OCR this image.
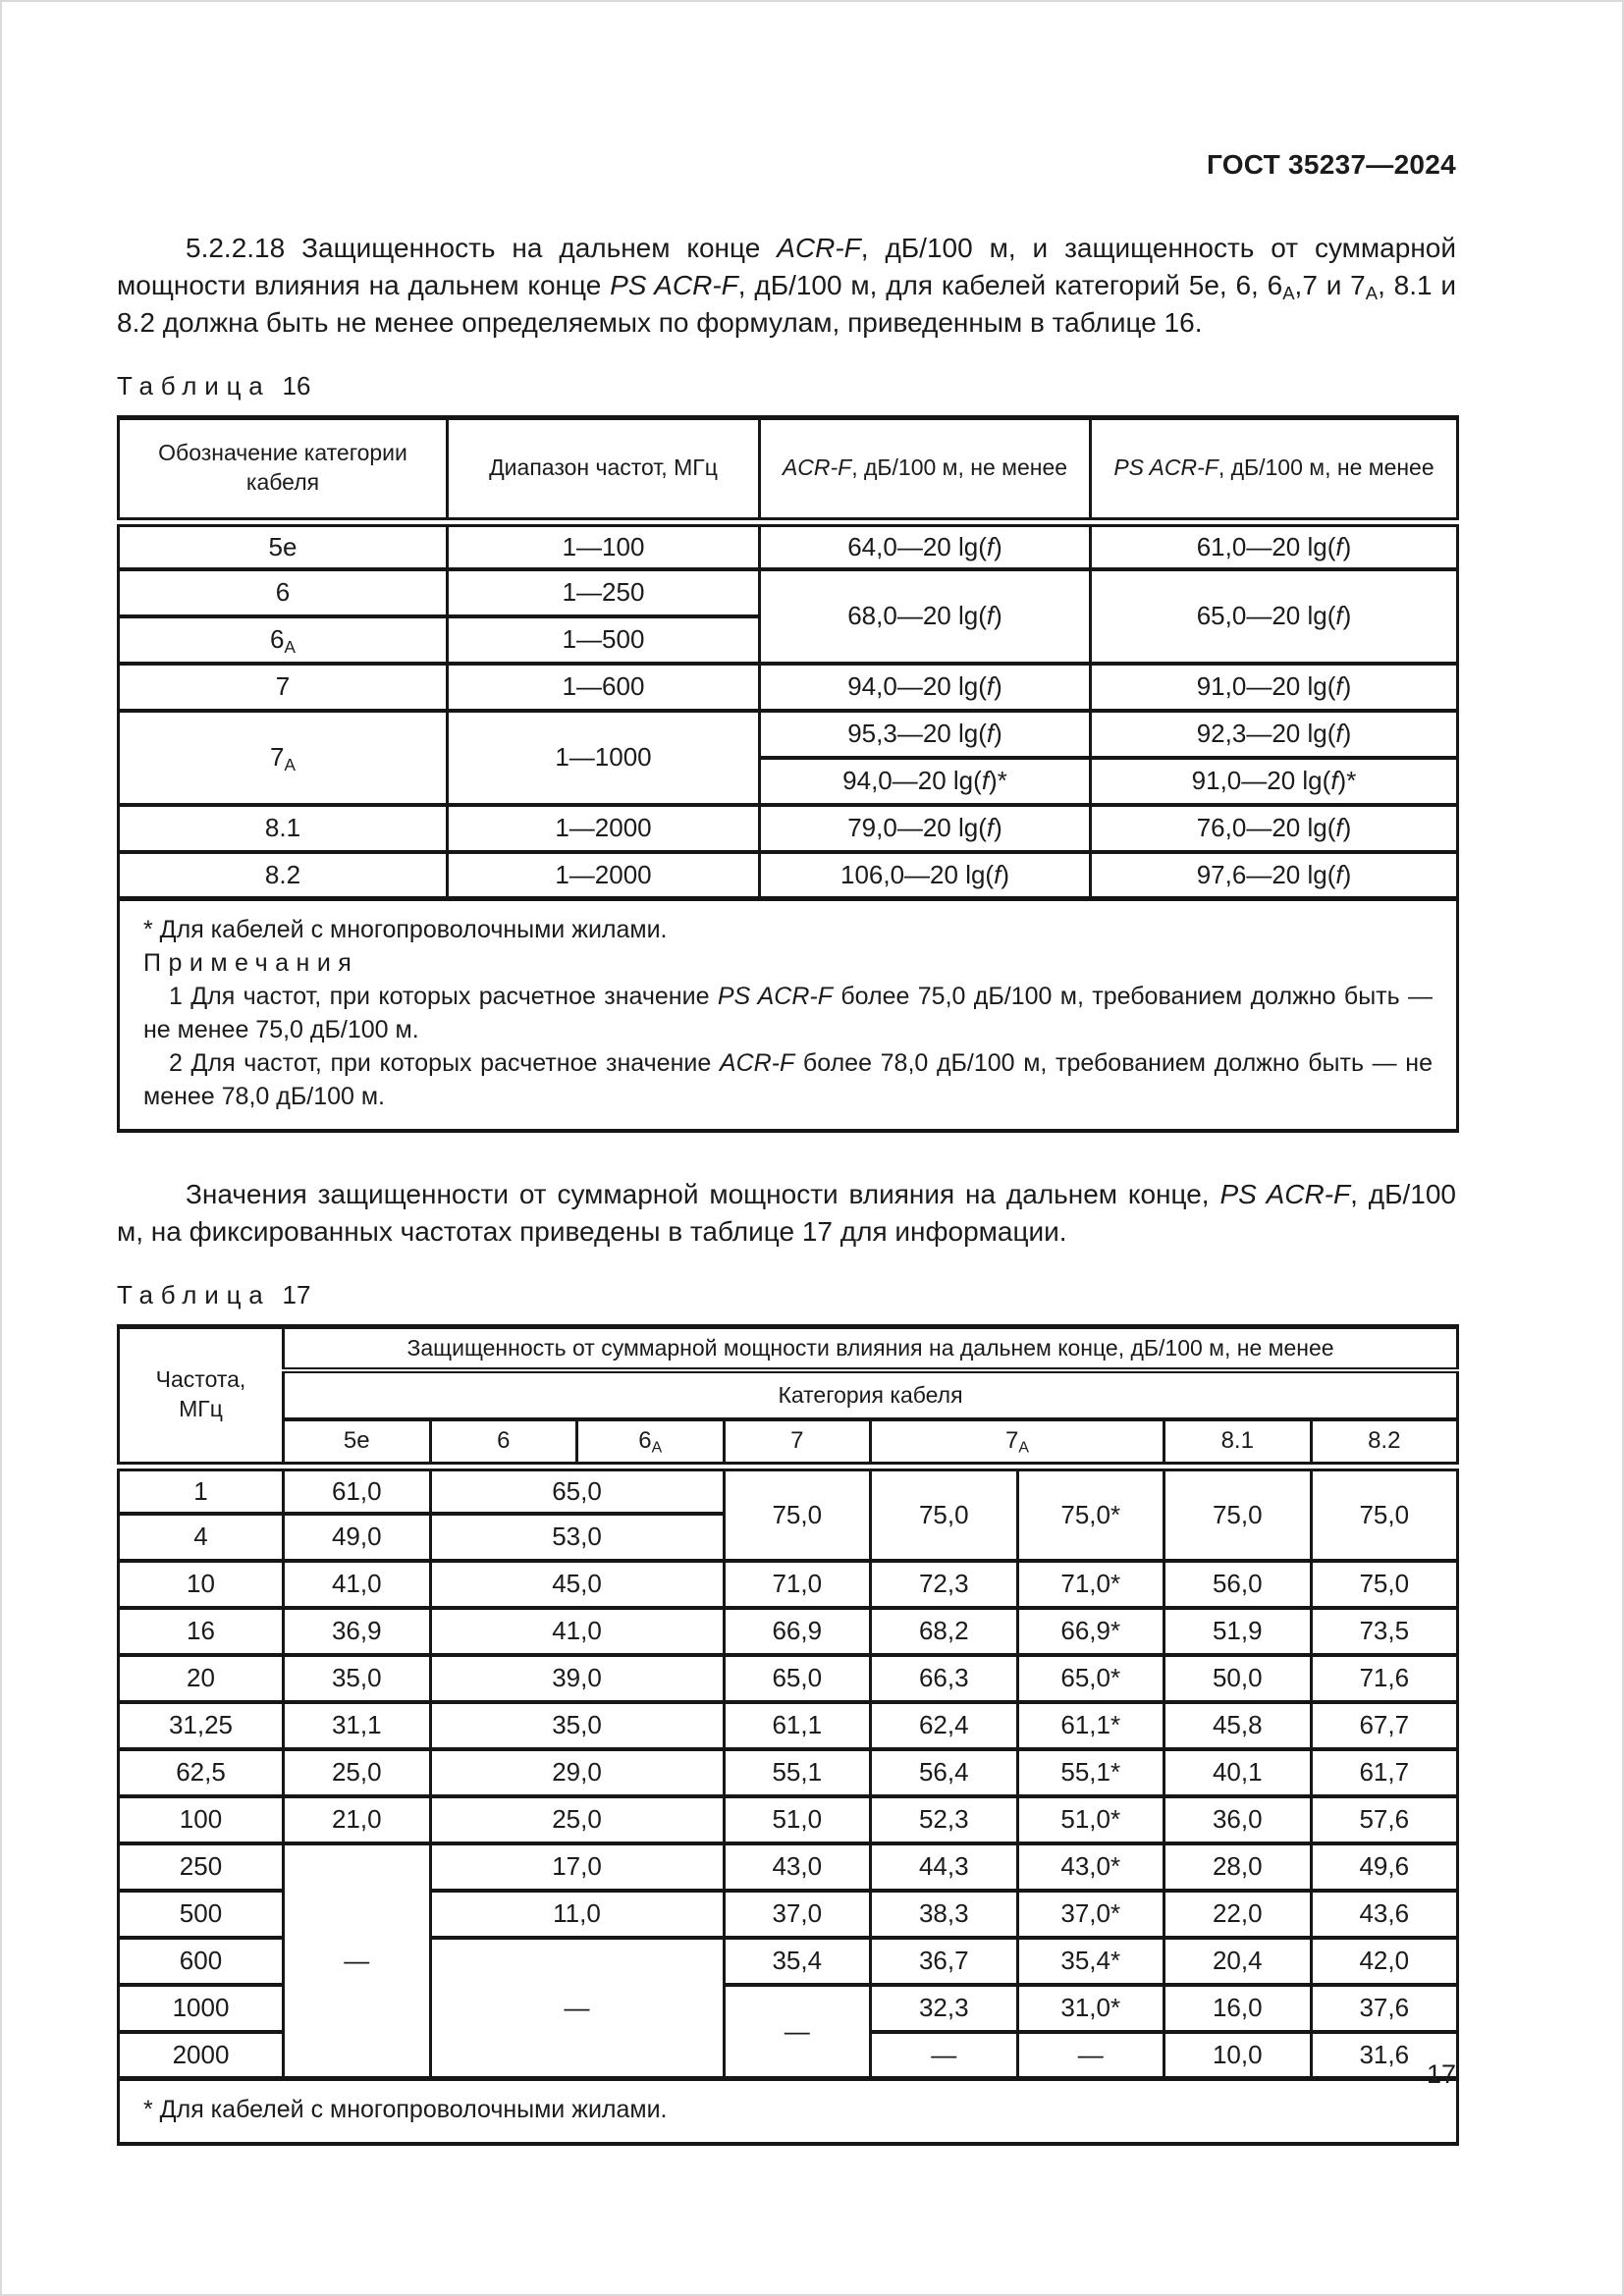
ГОСТ 35237—2024

5.2.2.18 Защищенность на дальнем конце ACR-F, дБ/100 м, и защищенность от суммарной мощности влияния на дальнем конце PS ACR-F, дБ/100 м, для кабелей категорий 5е, 6, $6_А,7$ и $7_А$, 8.1 и 8.2 должна быть не менее определяемых по формулам, приведенным в таблице 16.

Таблица 16
Обозначение категории кабеля	Диапазон частот, МГц	ACR-F, дБ/100 м, не менее	PS ACR-F, дБ/100 м, не менее
5е	1—100	64,0—20 lg(f)	61,0—20 lg(f)
6	1—250	68,0—20 lg(f)	65,0—20 lg(f)
$6_А$	1—500		
7	1—600	94,0—20 lg(f)	91,0—20 lg(f)
$7_А$	1—1000	95,3—20 lg(f)	92,3—20 lg(f)
		94,0—20 lg(f)*	91,0—20 lg(f)*
8.1	1—2000	79,0—20 lg(f)	76,0—20 lg(f)
8.2	1—2000	106,0—20 lg(f)	97,6—20 lg(f)

* Для кабелей с многопроволочными жилами.

Примечания

1 Для частот, при которых расчетное значение PS ACR-F более 75,0 дБ/100 м, требованием должно быть — не менее 75,0 дБ/100 м.

2 Для частот, при которых расчетное значение ACR-F более 78,0 дБ/100 м, требованием должно быть — не менее 78,0 дБ/100 м.			

Значения защищенности от суммарной мощности влияния на дальнем конце, PS ACR-F, дБ/100 м, на фиксированных частотах приведены в таблице 17 для информации.

Таблица 17
Частота, МГц	Защищенность от суммарной мощности влияния на дальнем конце, дБ/100 м, не менее							
	Категория кабеля							
	5е	6	$6_А$	7	$7_А$		8.1	8.2
1	61,0	65,0		75,0	75,0	75,0*	75,0	75,0
4	49,0	53,0						
10	41,0	45,0		71,0	72,3	71,0*	56,0	75,0
16	36,9	41,0		66,9	68,2	66,9*	51,9	73,5
20	35,0	39,0		65,0	66,3	65,0*	50,0	71,6
31,25	31,1	35,0		61,1	62,4	61,1*	45,8	67,7
62,5	25,0	29,0		55,1	56,4	55,1*	40,1	61,7
100	21,0	25,0		51,0	52,3	51,0*	36,0	57,6
250	—	17,0		43,0	44,3	43,0*	28,0	49,6
500		11,0		37,0	38,3	37,0*	22,0	43,6
600		—		35,4	36,7	35,4*	20,4	42,0
1000				—	32,3	31,0*	16,0	37,6
2000					—	—	10,0	31,6

* Для кабелей с многопроволочными жилами.								

17
